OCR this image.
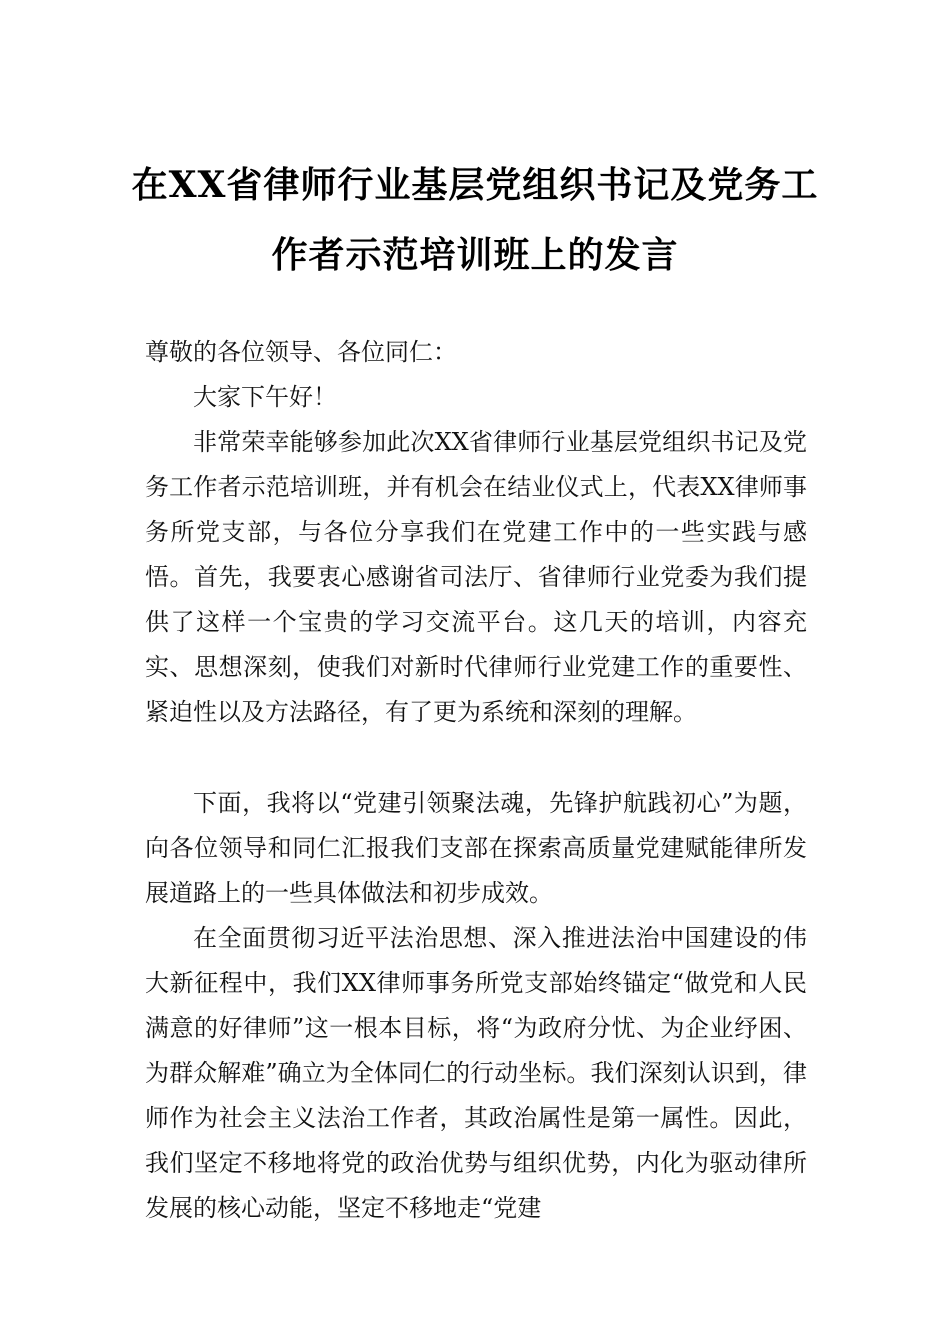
在XX省律师行业基层党组织书记及党务工
作者示范培训班上的发言
尊敬的各位领导、各位同仁：
大家下午好！
非常荣幸能够参加此次XX省律师行业基层党组织书记及党务工作者示范培训班，并有机会在结业仪式上，代表XX律师事务所党支部，与各位分享我们在党建工作中的一些实践与感悟。首先，我要衷心感谢省司法厅、省律师行业党委为我们提供了这样一个宝贵的学习交流平台。这几天的培训，内容充实、思想深刻，使我们对新时代律师行业党建工作的重要性、紧迫性以及方法路径，有了更为系统和深刻的理解。
下面，我将以“党建引领聚法魂，先锋护航践初心”为题，向各位领导和同仁汇报我们支部在探索高质量党建赋能律所发展道路上的一些具体做法和初步成效。
在全面贯彻习近平法治思想、深入推进法治中国建设的伟大新征程中，我们XX律师事务所党支部始终锚定“做党和人民满意的好律师”这一根本目标，将“为政府分忧、为企业纾困、为群众解难”确立为全体同仁的行动坐标。我们深刻认识到，律师作为社会主义法治工作者，其政治属性是第一属性。因此，我们坚定不移地将党的政治优势与组织优势，内化为驱动律所发展的核心动能，坚定不移地走“党建
